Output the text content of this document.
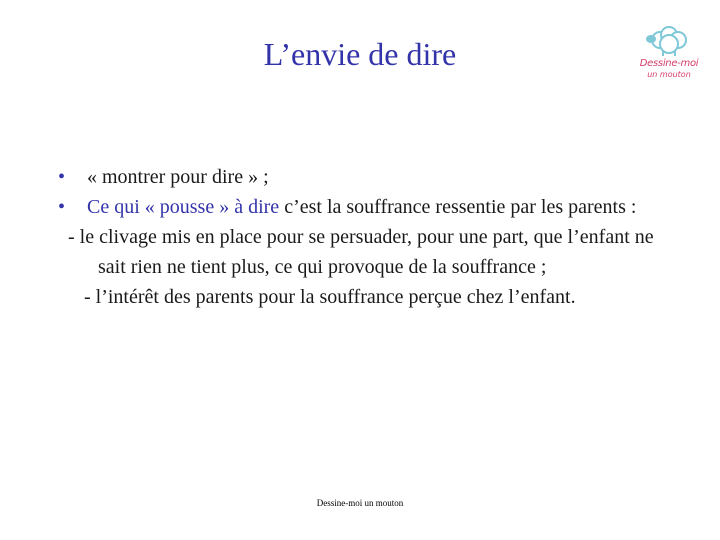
L’envie de dire	Dessine-moi
un mouton
• « montrer pour dire » ;
• Ce qui « pousse » à dire c’est la souffrance ressentie par les parents :
- le clivage mis en place pour se persuader, pour une part, que l’enfant ne sait rien ne tient plus, ce qui provoque de la souffrance ;
- l’intérêt des parents pour la souffrance perçue chez l’enfant.
Dessine-moi un mouton
